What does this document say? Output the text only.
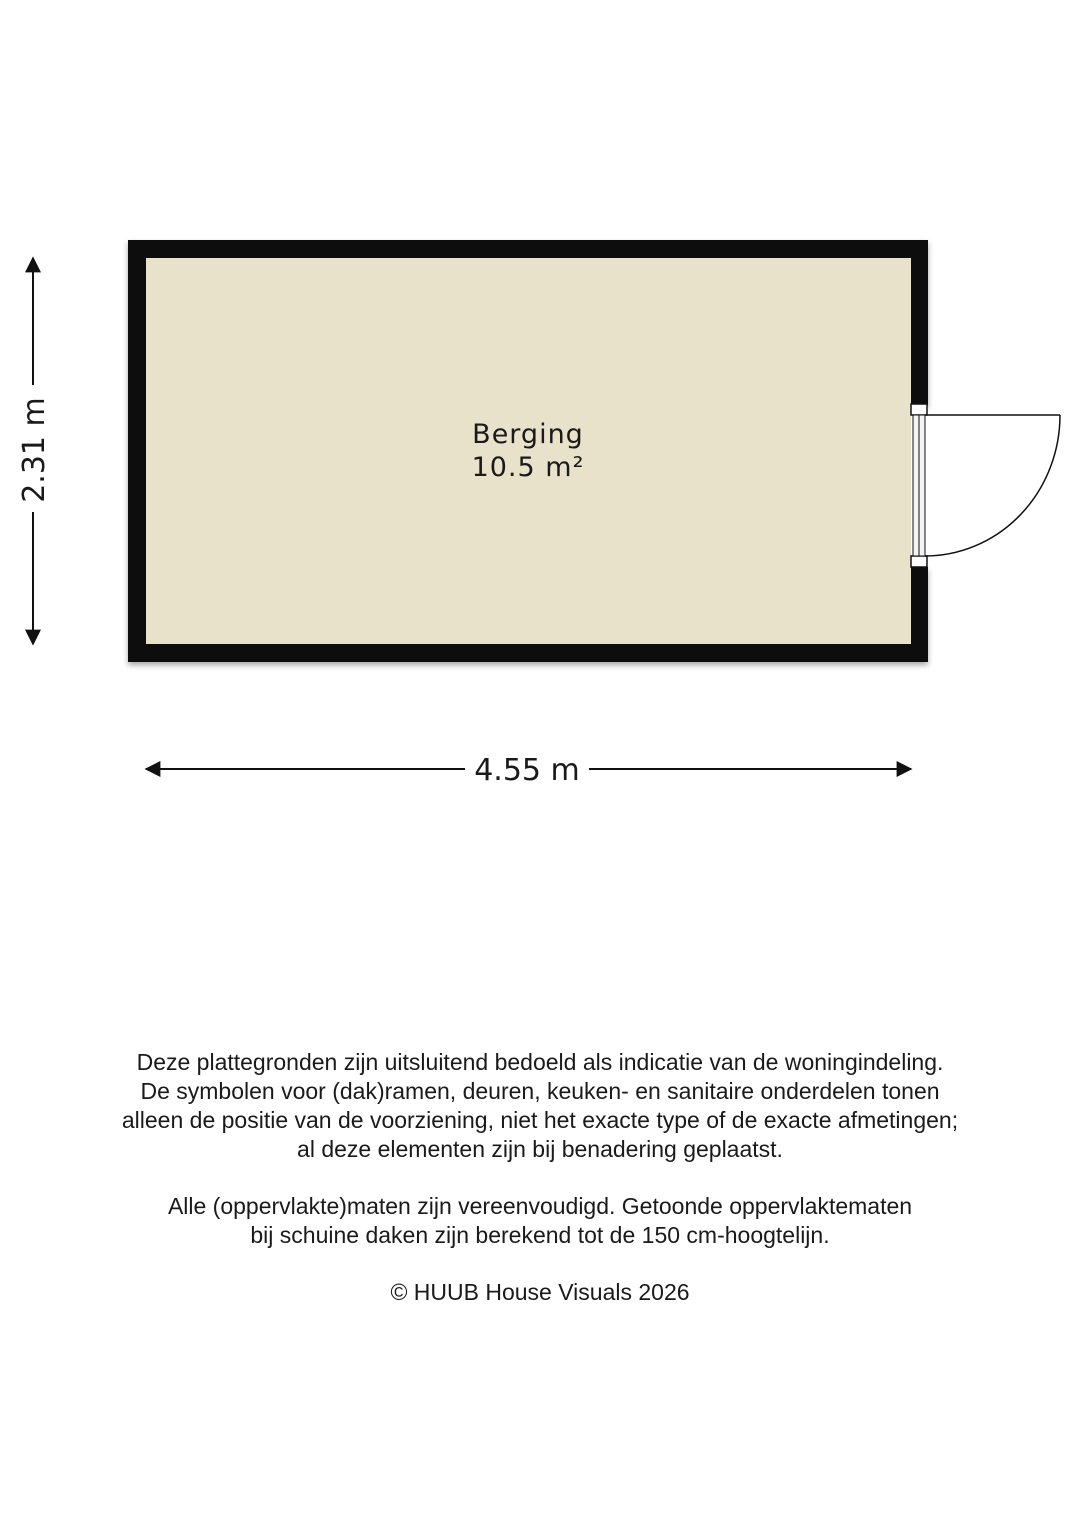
Berging
10.5 m²
2.31 m
4.55 m

Deze plattegronden zijn uitsluitend bedoeld als indicatie van de woningindeling.
De symbolen voor (dak)ramen, deuren, keuken- en sanitaire onderdelen tonen
alleen de positie van de voorziening, niet het exacte type of de exacte afmetingen;
al deze elementen zijn bij benadering geplaatst.

Alle (oppervlakte)maten zijn vereenvoudigd. Getoonde oppervlaktematen
bij schuine daken zijn berekend tot de 150 cm-hoogtelijn.

© HUUB House Visuals 2026
